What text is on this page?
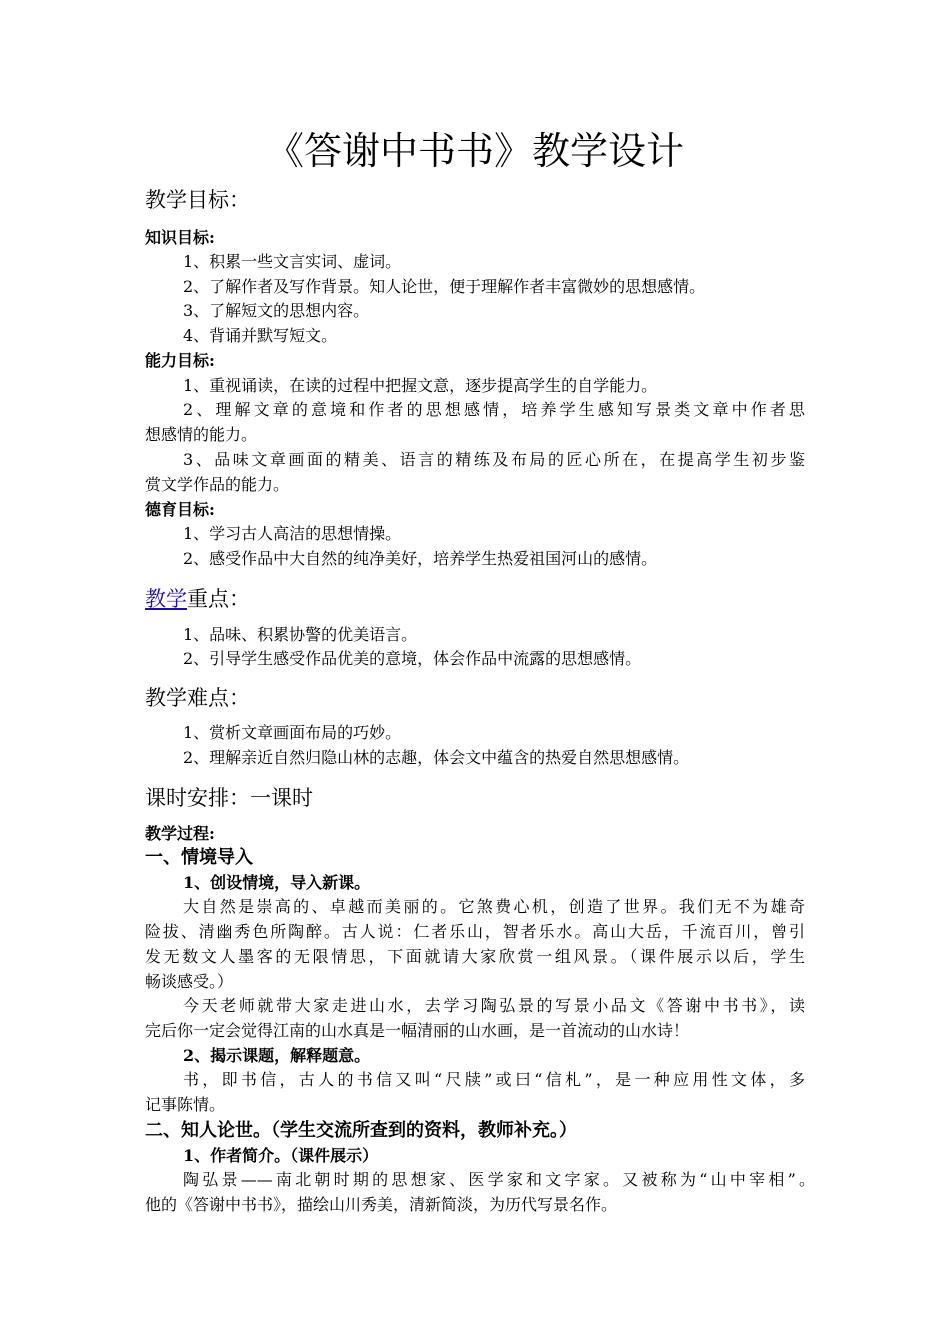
《答谢中书书》教学设计
教学目标：
知识目标:
1、积累一些文言实词、虚词。
2、了解作者及写作背景。知人论世，便于理解作者丰富微妙的思想感情。
3、了解短文的思想内容。
4、背诵并默写短文。
能力目标:
1、重视诵读，在读的过程中把握文意，逐步提高学生的自学能力。
2、理解文章的意境和作者的思想感情，培养学生感知写景类文章中作者思
想感情的能力。
3、品味文章画面的精美、语言的精练及布局的匠心所在，在提高学生初步鉴
赏文学作品的能力。
德育目标:
1、学习古人高洁的思想情操。
2、感受作品中大自然的纯净美好，培养学生热爱祖国河山的感情。
教学重点：
1、品味、积累协警的优美语言。
2、引导学生感受作品优美的意境，体会作品中流露的思想感情。
教学难点：
1、赏析文章画面布局的巧妙。
2、理解亲近自然归隐山林的志趣，体会文中蕴含的热爱自然思想感情。
课时安排：一课时
教学过程:
一、情境导入
1、创设情境，导入新课。
大自然是崇高的、卓越而美丽的。它煞费心机，创造了世界。我们无不为雄奇
险拔、清幽秀色所陶醉。古人说：仁者乐山，智者乐水。高山大岳，千流百川，曾引
发无数文人墨客的无限情思，下面就请大家欣赏一组风景。（课件展示以后，学生
畅谈感受。）
今天老师就带大家走进山水，去学习陶弘景的写景小品文《答谢中书书》，读
完后你一定会觉得江南的山水真是一幅清丽的山水画，是一首流动的山水诗！
2、揭示课题，解释题意。
书，即书信，古人的书信又叫“尺牍”或曰“信札”，是一种应用性文体，多
记事陈情。
二、知人论世。（学生交流所查到的资料，教师补充。）
1、作者简介。（课件展示）
陶弘景——南北朝时期的思想家、医学家和文字家。又被称为“山中宰相”。
他的《答谢中书书》，描绘山川秀美，清新简淡，为历代写景名作。
